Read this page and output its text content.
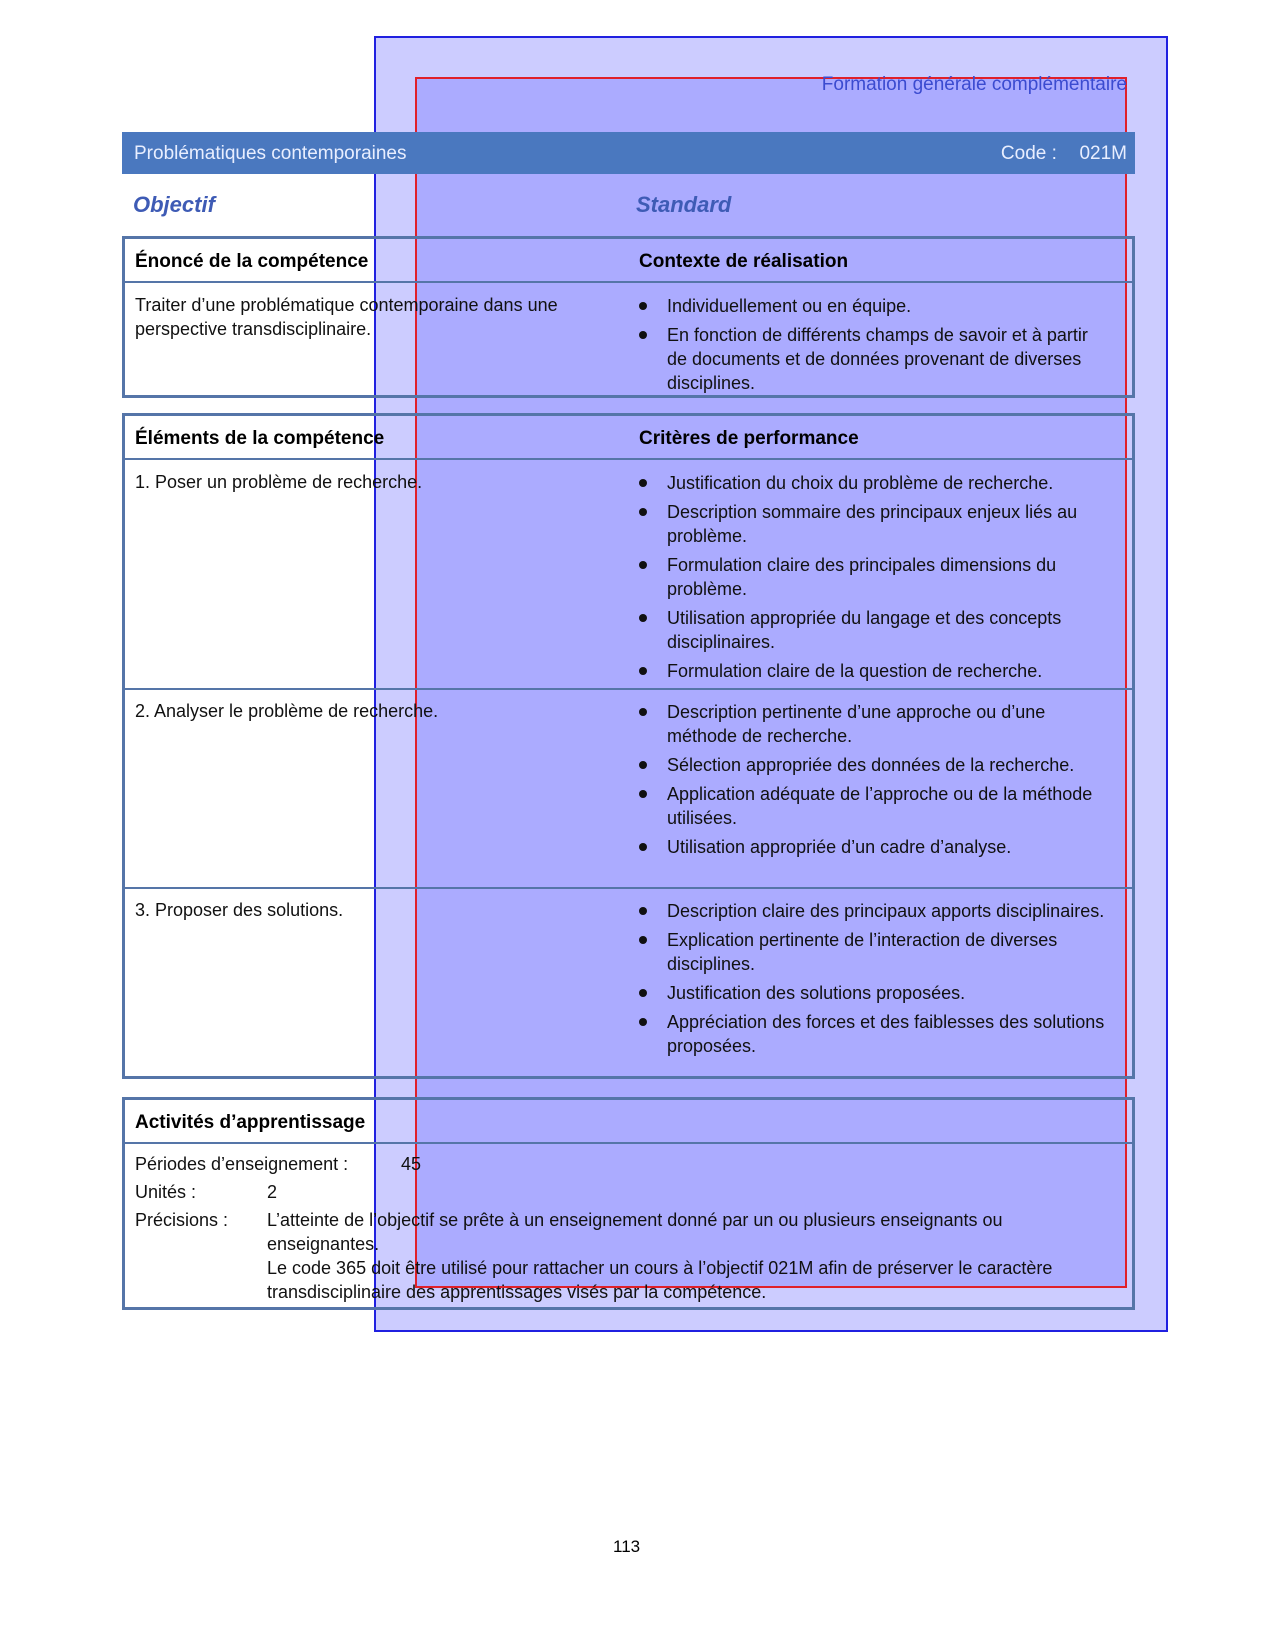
Formation générale complémentaire
Problématiques contemporaines	Code : 021M
Objectif	Standard
Énoncé de la compétence	Contexte de réalisation
Traiter d’une problématique contemporaine dans une perspective transdisciplinaire.
Individuellement ou en équipe.
En fonction de différents champs de savoir et à partir de documents et de données provenant de diverses disciplines.
Éléments de la compétence	Critères de performance
1. Poser un problème de recherche.	Justification du choix du problème de recherche.
Description sommaire des principaux enjeux liés au problème.
Formulation claire des principales dimensions du problème.
Utilisation appropriée du langage et des concepts disciplinaires.
Formulation claire de la question de recherche.
2. Analyser le problème de recherche.	Description pertinente d’une approche ou d’une méthode de recherche.
Sélection appropriée des données de la recherche.
Application adéquate de l’approche ou de la méthode utilisées.
Utilisation appropriée d’un cadre d’analyse.
3. Proposer des solutions.	Description claire des principaux apports disciplinaires.
Explication pertinente de l’interaction de diverses disciplines.
Justification des solutions proposées.
Appréciation des forces et des faiblesses des solutions proposées.
Activités d’apprentissage
Périodes d’enseignement :	45
Unités :	2
Précisions : L’atteinte de l’objectif se prête à un enseignement donné par un ou plusieurs enseignants ou enseignantes.
Le code 365 doit être utilisé pour rattacher un cours à l’objectif 021M afin de préserver le caractère transdisciplinaire des apprentissages visés par la compétence.
113
